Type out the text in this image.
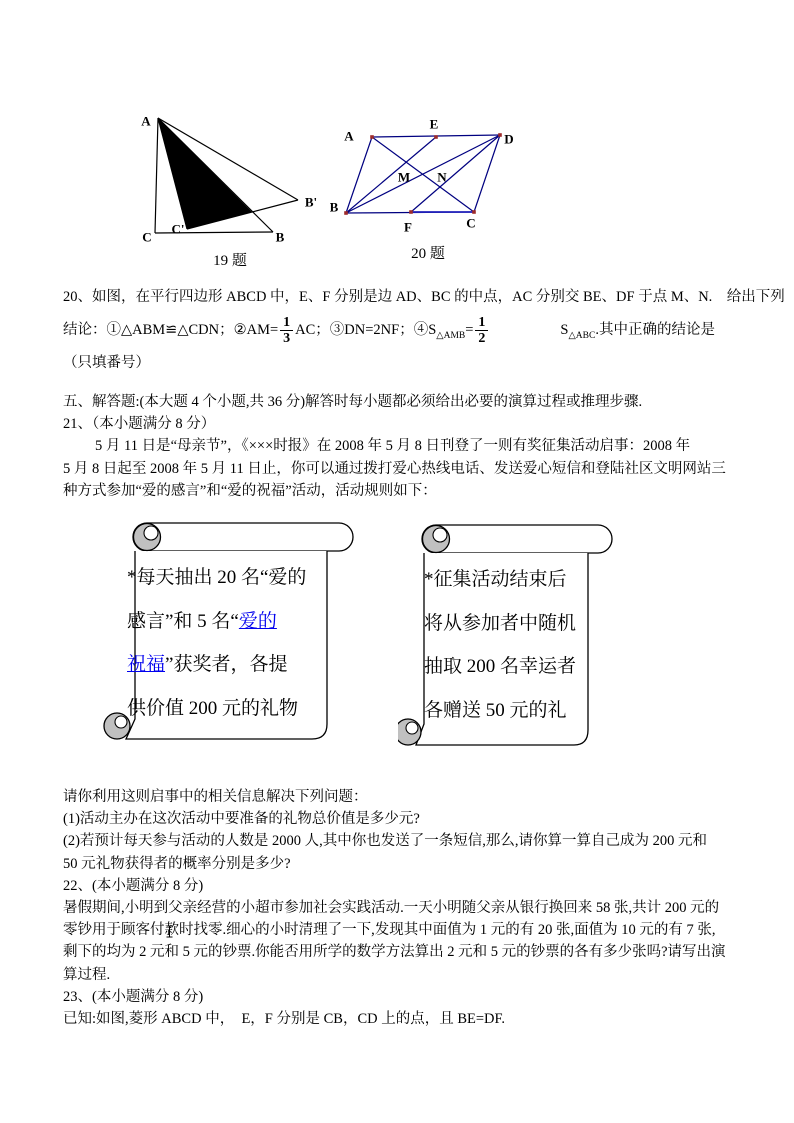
A
C	B
B'
C'
19 题
A
E
D
B
F	C
M N
20 题
20、如图，在平行四边形 ABCD 中，E、F 分别是边 AD、BC 的中点，AC 分别交 BE、DF 于点 M、N.　给出下列
结论：①△ABM≌△CDN；②AM= $\frac{1}{3}$ AC；③DN=2NF；$④S_{\triangle AMB}= \frac{1}{2}$	$S_{\triangle ABC}$.其中正确的结论是
（只填番号）
五、解答题:(本大题 4 个小题,共 36 分)解答时每小题都必须给出必要的演算过程或推理步骤.
21、（本小题满分 8 分）
5 月 11 日是“母亲节”，《×××时报》在 2008 年 5 月 8 日刊登了一则有奖征集活动启事：2008 年
5 月 8 日起至 2008 年 5 月 11 日止，你可以通过拨打爱心热线电话、发送爱心短信和登陆社区文明网站三
种方式参加“爱的感言”和“爱的祝福”活动，活动规则如下：
*每天抽出 20 名“爱的
感言”和 5 名“爱的
祝福”获奖者，各提
供价值 200 元的礼物
*征集活动结束后
将从参加者中随机
抽取 200 名幸运者
各赠送 50 元的礼
请你利用这则启事中的相关信息解决下列问题：
(1)活动主办在这次活动中要准备的礼物总价值是多少元?
(2)若预计每天参与活动的人数是 2000 人,其中你也发送了一条短信,那么,请你算一算自己成为 200 元和
50 元礼物获得者的概率分别是多少?
22、(本小题满分 8 分)
暑假期间,小明到父亲经营的小超市参加社会实践活动.一天小明随父亲从银行换回来 58 张,共计 200 元的
零钞用于顾客付款时找零.细心的小时清理了一下,发现其中面值为 1 元的有 20 张,面值为 10 元的有 7 张,
剩下的均为 2 元和 5 元的钞票.你能否用所学的数学方法算出 2 元和 5 元的钞票的各有多少张吗?请写出演
算过程.
23、(本小题满分 8 分)
已知:如图,菱形 ABCD 中，　E，F 分别是 CB，CD 上的点，且 BE=DF.
